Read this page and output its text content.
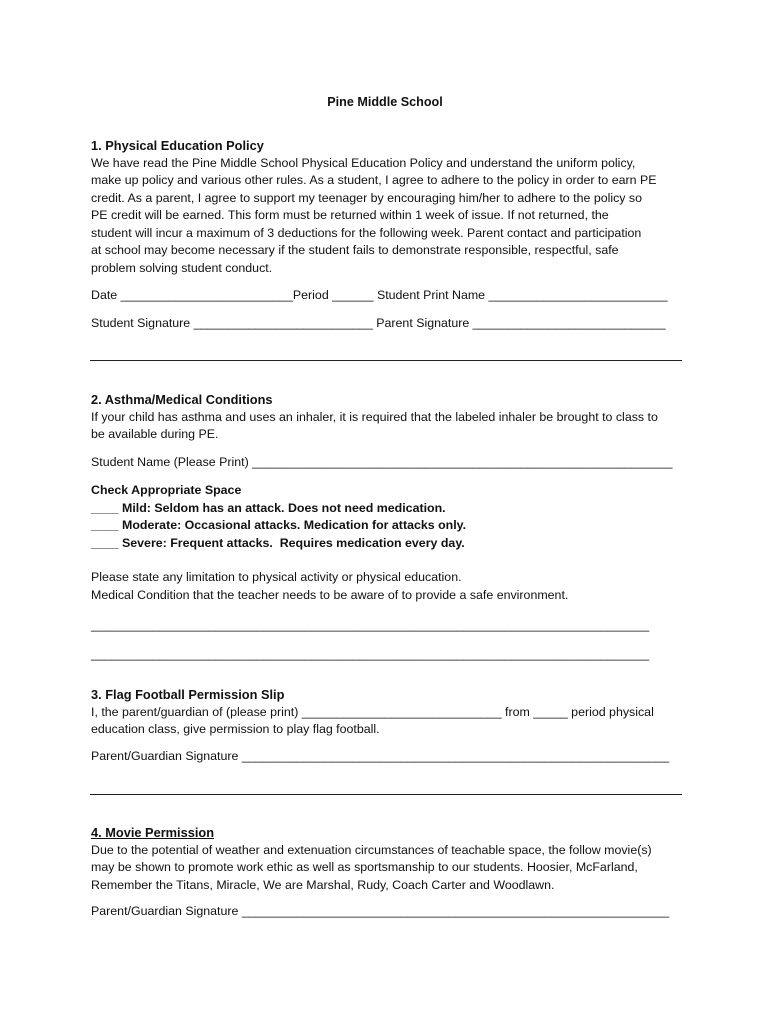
Pine Middle School
1. Physical Education Policy

We have read the Pine Middle School Physical Education Policy and understand the uniform policy,

make up policy and various other rules. As a student, I agree to adhere to the policy in order to earn PE

credit. As a parent, I agree to support my teenager by encouraging him/her to adhere to the policy so

PE credit will be earned. This form must be returned within 1 week of issue. If not returned, the

student will incur a maximum of 3 deductions for the following week. Parent contact and participation

at school may become necessary if the student fails to demonstrate responsible, respectful, safe

problem solving student conduct.

Date _________________________Period ______ Student Print Name __________________________
Student Signature __________________________ Parent Signature ____________________________
2. Asthma/Medical Conditions

If your child has asthma and uses an inhaler, it is required that the labeled inhaler be brought to class to

be available during PE.

Student Name (Please Print) _____________________________________________________________
Check Appropriate Space
____ Mild: Seldom has an attack. Does not need medication.
____ Moderate: Occasional attacks. Medication for attacks only.
____ Severe: Frequent attacks.  Requires medication every day.

Please state any limitation to physical activity or physical education.

Medical Condition that the teacher needs to be aware of to provide a safe environment.

_________________________________________________________________________________
_________________________________________________________________________________
3. Flag Football Permission Slip
I, the parent/guardian of (please print) _____________________________ from _____ period physical

education class, give permission to play flag football.

Parent/Guardian Signature ______________________________________________________________
4. Movie Permission

Due to the potential of weather and extenuation circumstances of teachable space, the follow movie(s)

may be shown to promote work ethic as well as sportsmanship to our students. Hoosier, McFarland,

Remember the Titans, Miracle, We are Marshal, Rudy, Coach Carter and Woodlawn.

Parent/Guardian Signature ______________________________________________________________
